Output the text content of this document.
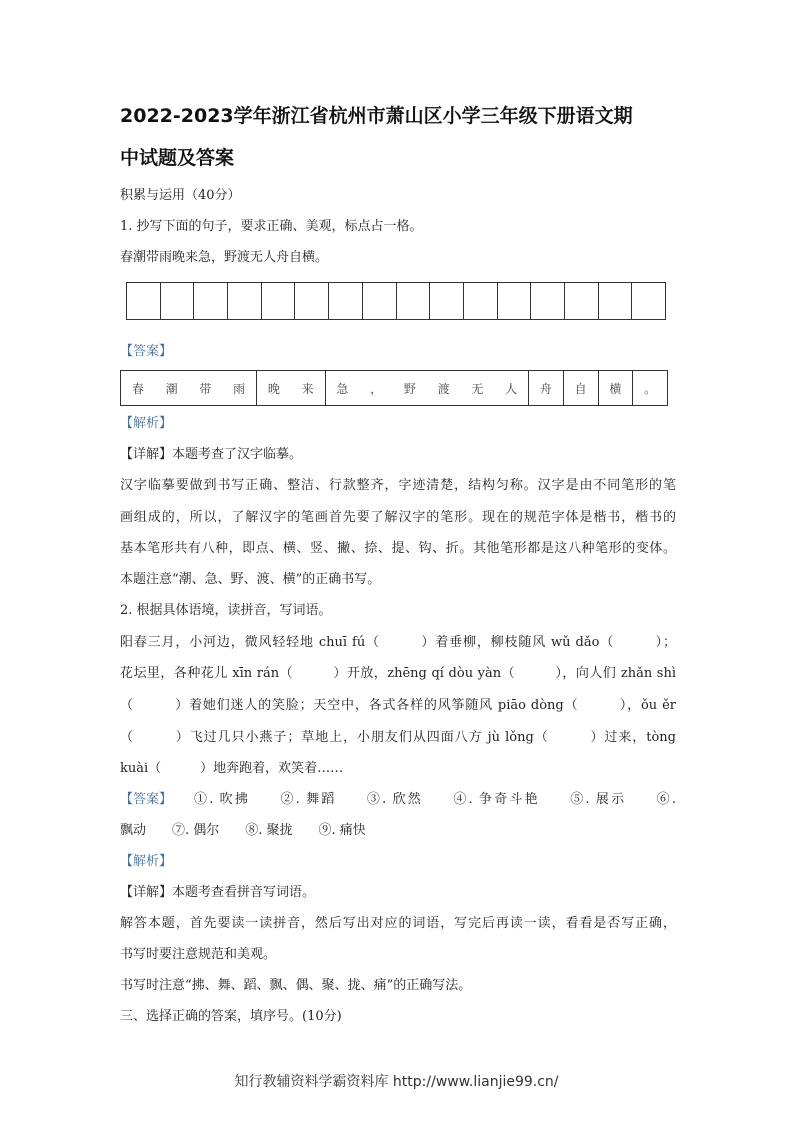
2022-2023学年浙江省杭州市萧山区小学三年级下册语文期
中试题及答案
积累与运用（40分）
1. 抄写下面的句子，要求正确、美观，标点占一格。
春潮带雨晚来急，野渡无人舟自横。
【答案】
春	潮	带	雨	晚	来	急	，	野	渡	无	人	舟	自	横	。
【解析】
【详解】本题考查了汉字临摹。
汉字临摹要做到书写正确、整洁、行款整齐，字迹清楚，结构匀称。汉字是由不同笔形的笔
画组成的，所以，了解汉字的笔画首先要了解汉字的笔形。现在的规范字体是楷书，楷书的
基本笔形共有八种，即点、横、竖、撇、捺、提、钩、折。其他笔形都是这八种笔形的变体。
本题注意“潮、急、野、渡、横”的正确书写。
2. 根据具体语境，读拼音，写词语。
阳春三月，小河边，微风轻轻地 chuī fú（　　　）着垂柳，柳枝随风 wǔ dǎo（　　　）；
花坛里，各种花儿 xīn rán（　　　）开放，zhēng qí dòu yàn（　　　），向人们 zhǎn shì
（　　　）着她们迷人的笑脸；天空中，各式各样的风筝随风 piāo dòng（　　　），ǒu ěr
（　　　）飞过几只小燕子；草地上，小朋友们从四面八方 jù lǒng（　　　）过来，tòng
kuài（　　　）地奔跑着，欢笑着……
【答案】 ①. 吹拂　　②. 舞蹈　　③. 欣然　　④. 争奇斗艳　　⑤. 展示　　⑥.
飘动　　⑦. 偶尔　　⑧. 聚拢　　⑨. 痛快
【解析】
【详解】本题考查看拼音写词语。
解答本题，首先要读一读拼音，然后写出对应的词语，写完后再读一读，看看是否写正确，
书写时要注意规范和美观。
书写时注意“拂、舞、蹈、飘、偶、聚、拢、痛”的正确写法。
三、选择正确的答案，填序号。(10分)
知行教辅资料学霸资料库 http://www.lianjie99.cn/
